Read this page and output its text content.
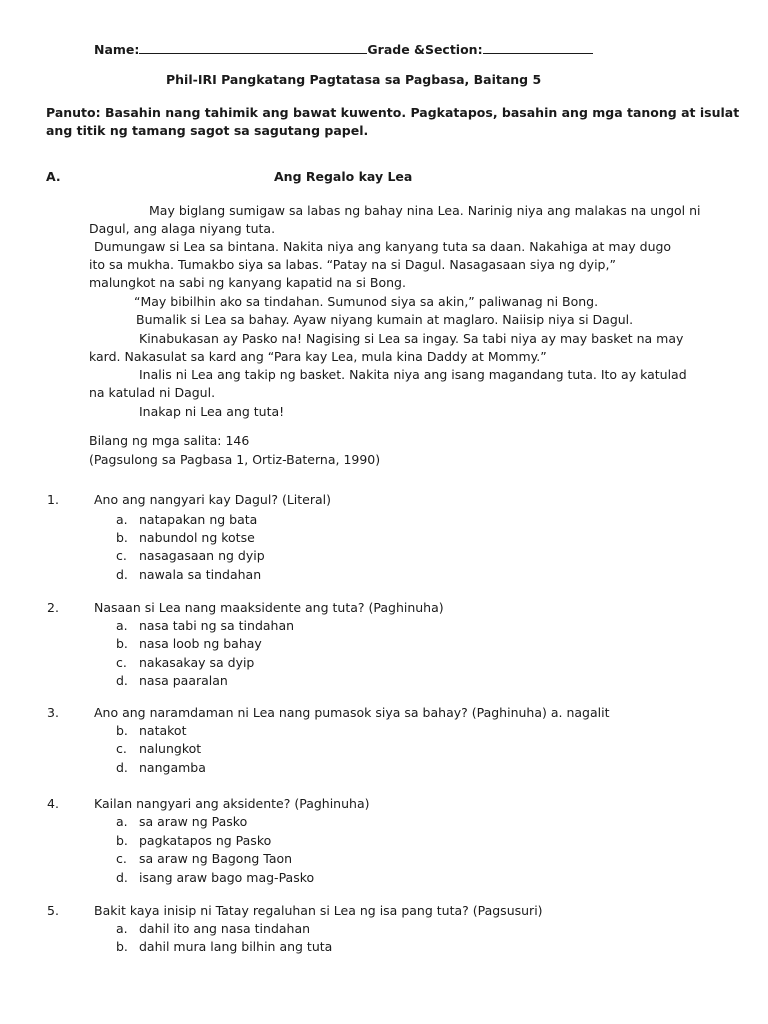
Name:	Grade &Section:
Phil-IRI Pangkatang Pagtatasa sa Pagbasa, Baitang 5
Panuto: Basahin nang tahimik ang bawat kuwento. Pagkatapos, basahin ang mga tanong at isulat
ang titik ng tamang sagot sa sagutang papel.
A.	Ang Regalo kay Lea
May biglang sumigaw sa labas ng bahay nina Lea. Narinig niya ang malakas na ungol ni
Dagul, ang alaga niyang tuta.
Dumungaw si Lea sa bintana. Nakita niya ang kanyang tuta sa daan. Nakahiga at may dugo
ito sa mukha. Tumakbo siya sa labas. “Patay na si Dagul. Nasagasaan siya ng dyip,”
malungkot na sabi ng kanyang kapatid na si Bong.
“May bibilhin ako sa tindahan. Sumunod siya sa akin,” paliwanag ni Bong.
Bumalik si Lea sa bahay. Ayaw niyang kumain at maglaro. Naiisip niya si Dagul.
Kinabukasan ay Pasko na! Nagising si Lea sa ingay. Sa tabi niya ay may basket na may
kard. Nakasulat sa kard ang “Para kay Lea, mula kina Daddy at Mommy.”
Inalis ni Lea ang takip ng basket. Nakita niya ang isang magandang tuta. Ito ay katulad
na katulad ni Dagul.
Inakap ni Lea ang tuta!
Bilang ng mga salita: 146
(Pagsulong sa Pagbasa 1, Ortiz-Baterna, 1990)
1.	Ano ang nangyari kay Dagul? (Literal)
a. natapakan ng bata
b. nabundol ng kotse
c. nasagasaan ng dyip
d. nawala sa tindahan
2.	Nasaan si Lea nang maaksidente ang tuta? (Paghinuha)
a. nasa tabi ng sa tindahan
b. nasa loob ng bahay
c. nakasakay sa dyip
d. nasa paaralan
3.	Ano ang naramdaman ni Lea nang pumasok siya sa bahay? (Paghinuha) a. nagalit
b. natakot
c. nalungkot
d. nangamba
4.	Kailan nangyari ang aksidente? (Paghinuha)
a. sa araw ng Pasko
b. pagkatapos ng Pasko
c. sa araw ng Bagong Taon
d. isang araw bago mag-Pasko
5.	Bakit kaya inisip ni Tatay regaluhan si Lea ng isa pang tuta? (Pagsusuri)
a. dahil ito ang nasa tindahan
b. dahil mura lang bilhin ang tuta
